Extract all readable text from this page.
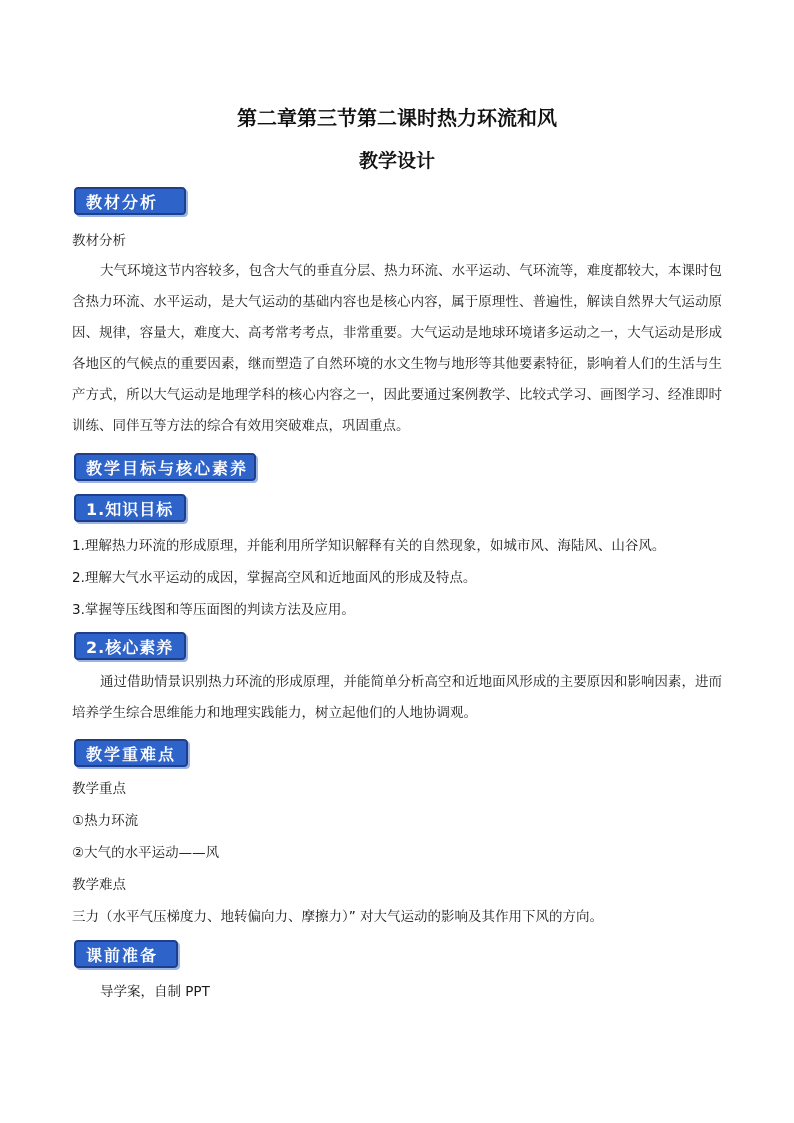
第二章第三节第二课时热力环流和风
教学设计
教材分析
教材分析
大气环境这节内容较多，包含大气的垂直分层、热力环流、水平运动、气环流等，难度都较大，本课时包含热力环流、水平运动，是大气运动的基础内容也是核心内容，属于原理性、普遍性，解读自然界大气运动原因、规律，容量大，难度大、高考常考考点，非常重要。大气运动是地球环境诸多运动之一，大气运动是形成各地区的气候点的重要因素，继而塑造了自然环境的水文生物与地形等其他要素特征，影响着人们的生活与生产方式，所以大气运动是地理学科的核心内容之一，因此要通过案例教学、比较式学习、画图学习、经准即时训练、同伴互等方法的综合有效用突破难点，巩固重点。
教学目标与核心素养
1.知识目标
1.理解热力环流的形成原理，并能利用所学知识解释有关的自然现象，如城市风、海陆风、山谷风。
2.理解大气水平运动的成因，掌握高空风和近地面风的形成及特点。
3.掌握等压线图和等压面图的判读方法及应用。
2.核心素养
通过借助情景识别热力环流的形成原理，并能简单分析高空和近地面风形成的主要原因和影响因素，进而培养学生综合思维能力和地理实践能力，树立起他们的人地协调观。
教学重难点
教学重点
①热力环流
②大气的水平运动——风
教学难点
三力（水平气压梯度力、地转偏向力、摩擦力）” 对大气运动的影响及其作用下风的方向。
课前准备
导学案，自制 PPT
